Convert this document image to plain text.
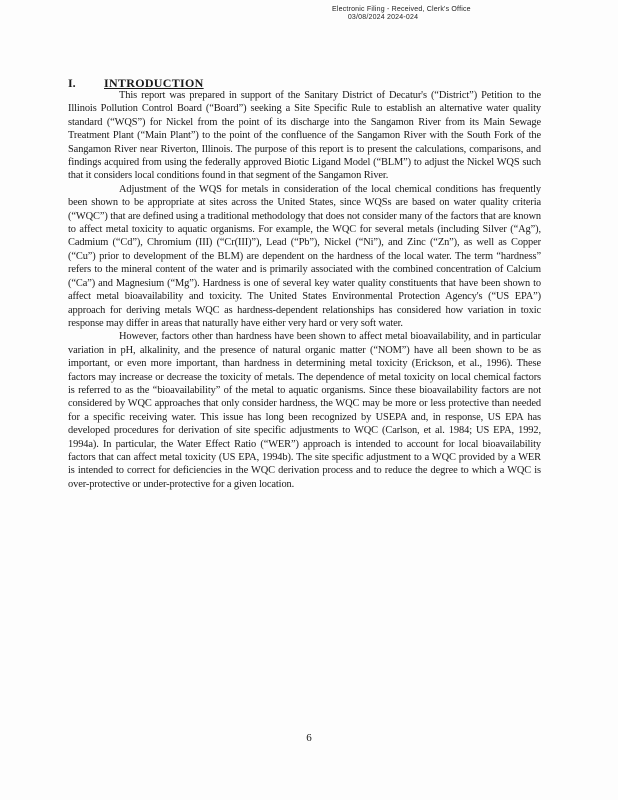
Electronic Filing - Received, Clerk's Office
03/08/2024 2024-024
I. INTRODUCTION

This report was prepared in support of the Sanitary District of Decatur's (“District”) Petition to the Illinois Pollution Control Board (“Board”) seeking a Site Specific Rule to establish an alternative water quality standard (“WQS”) for Nickel from the point of its discharge into the Sangamon River from its Main Sewage Treatment Plant (“Main Plant”) to the point of the confluence of the Sangamon River with the South Fork of the Sangamon River near Riverton, Illinois. The purpose of this report is to present the calculations, comparisons, and findings acquired from using the federally approved Biotic Ligand Model (“BLM”) to adjust the Nickel WQS such that it considers local conditions found in that segment of the Sangamon River.

Adjustment of the WQS for metals in consideration of the local chemical conditions has frequently been shown to be appropriate at sites across the United States, since WQSs are based on water quality criteria (“WQC”) that are defined using a traditional methodology that does not consider many of the factors that are known to affect metal toxicity to aquatic organisms. For example, the WQC for several metals (including Silver (“Ag”), Cadmium (“Cd”), Chromium (III) (“Cr(III)”), Lead (“Pb”), Nickel (“Ni”), and Zinc (“Zn”), as well as Copper (“Cu”) prior to development of the BLM) are dependent on the hardness of the local water. The term “hardness” refers to the mineral content of the water and is primarily associated with the combined concentration of Calcium (“Ca”) and Magnesium (“Mg”). Hardness is one of several key water quality constituents that have been shown to affect metal bioavailability and toxicity. The United States Environmental Protection Agency's (“US EPA”) approach for deriving metals WQC as hardness-dependent relationships has considered how variation in toxic response may differ in areas that naturally have either very hard or very soft water.

However, factors other than hardness have been shown to affect metal bioavailability, and in particular variation in pH, alkalinity, and the presence of natural organic matter (“NOM”) have all been shown to be as important, or even more important, than hardness in determining metal toxicity (Erickson, et al., 1996). These factors may increase or decrease the toxicity of metals. The dependence of metal toxicity on local chemical factors is referred to as the “bioavailability” of the metal to aquatic organisms. Since these bioavailability factors are not considered by WQC approaches that only consider hardness, the WQC may be more or less protective than needed for a specific receiving water. This issue has long been recognized by USEPA and, in response, US EPA has developed procedures for derivation of site specific adjustments to WQC (Carlson, et al. 1984; US EPA, 1992, 1994a). In particular, the Water Effect Ratio (“WER”) approach is intended to account for local bioavailability factors that can affect metal toxicity (US EPA, 1994b). The site specific adjustment to a WQC provided by a WER is intended to correct for deficiencies in the WQC derivation process and to reduce the degree to which a WQC is over-protective or under-protective for a given location.

6
